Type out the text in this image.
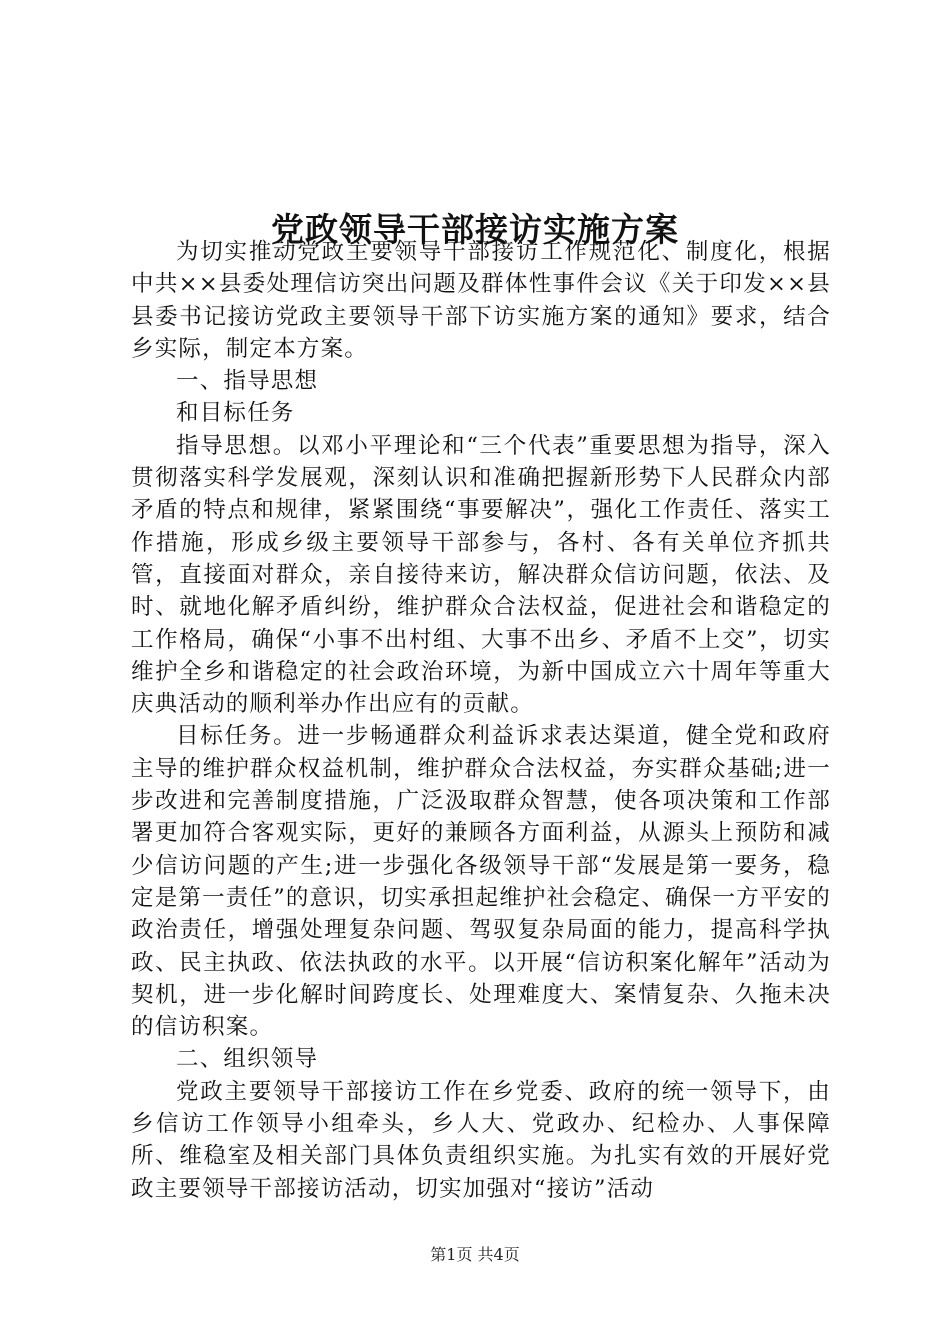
党政领导干部接访实施方案

为切实推动党政主要领导干部接访工作规范化、制度化，根据中共××县委处理信访突出问题及群体性事件会议《关于印发××县县委书记接访党政主要领导干部下访实施方案的通知》要求，结合乡实际，制定本方案。

一、指导思想

和目标任务

指导思想。以邓小平理论和“三个代表”重要思想为指导，深入贯彻落实科学发展观，深刻认识和准确把握新形势下人民群众内部矛盾的特点和规律，紧紧围绕“事要解决”，强化工作责任、落实工作措施，形成乡级主要领导干部参与，各村、各有关单位齐抓共管，直接面对群众，亲自接待来访，解决群众信访问题，依法、及时、就地化解矛盾纠纷，维护群众合法权益，促进社会和谐稳定的工作格局，确保“小事不出村组、大事不出乡、矛盾不上交”，切实维护全乡和谐稳定的社会政治环境，为新中国成立六十周年等重大庆典活动的顺利举办作出应有的贡献。

目标任务。进一步畅通群众利益诉求表达渠道，健全党和政府主导的维护群众权益机制，维护群众合法权益，夯实群众基础;进一步改进和完善制度措施，广泛汲取群众智慧，使各项决策和工作部署更加符合客观实际，更好的兼顾各方面利益，从源头上预防和减少信访问题的产生;进一步强化各级领导干部“发展是第一要务，稳定是第一责任”的意识，切实承担起维护社会稳定、确保一方平安的政治责任，增强处理复杂问题、驾驭复杂局面的能力，提高科学执政、民主执政、依法执政的水平。以开展“信访积案化解年”活动为契机，进一步化解时间跨度长、处理难度大、案情复杂、久拖未决的信访积案。

二、组织领导

党政主要领导干部接访工作在乡党委、政府的统一领导下，由乡信访工作领导小组牵头，乡人大、党政办、纪检办、人事保障所、维稳室及相关部门具体负责组织实施。为扎实有效的开展好党政主要领导干部接访活动，切实加强对“接访”活动

第1页 共4页
